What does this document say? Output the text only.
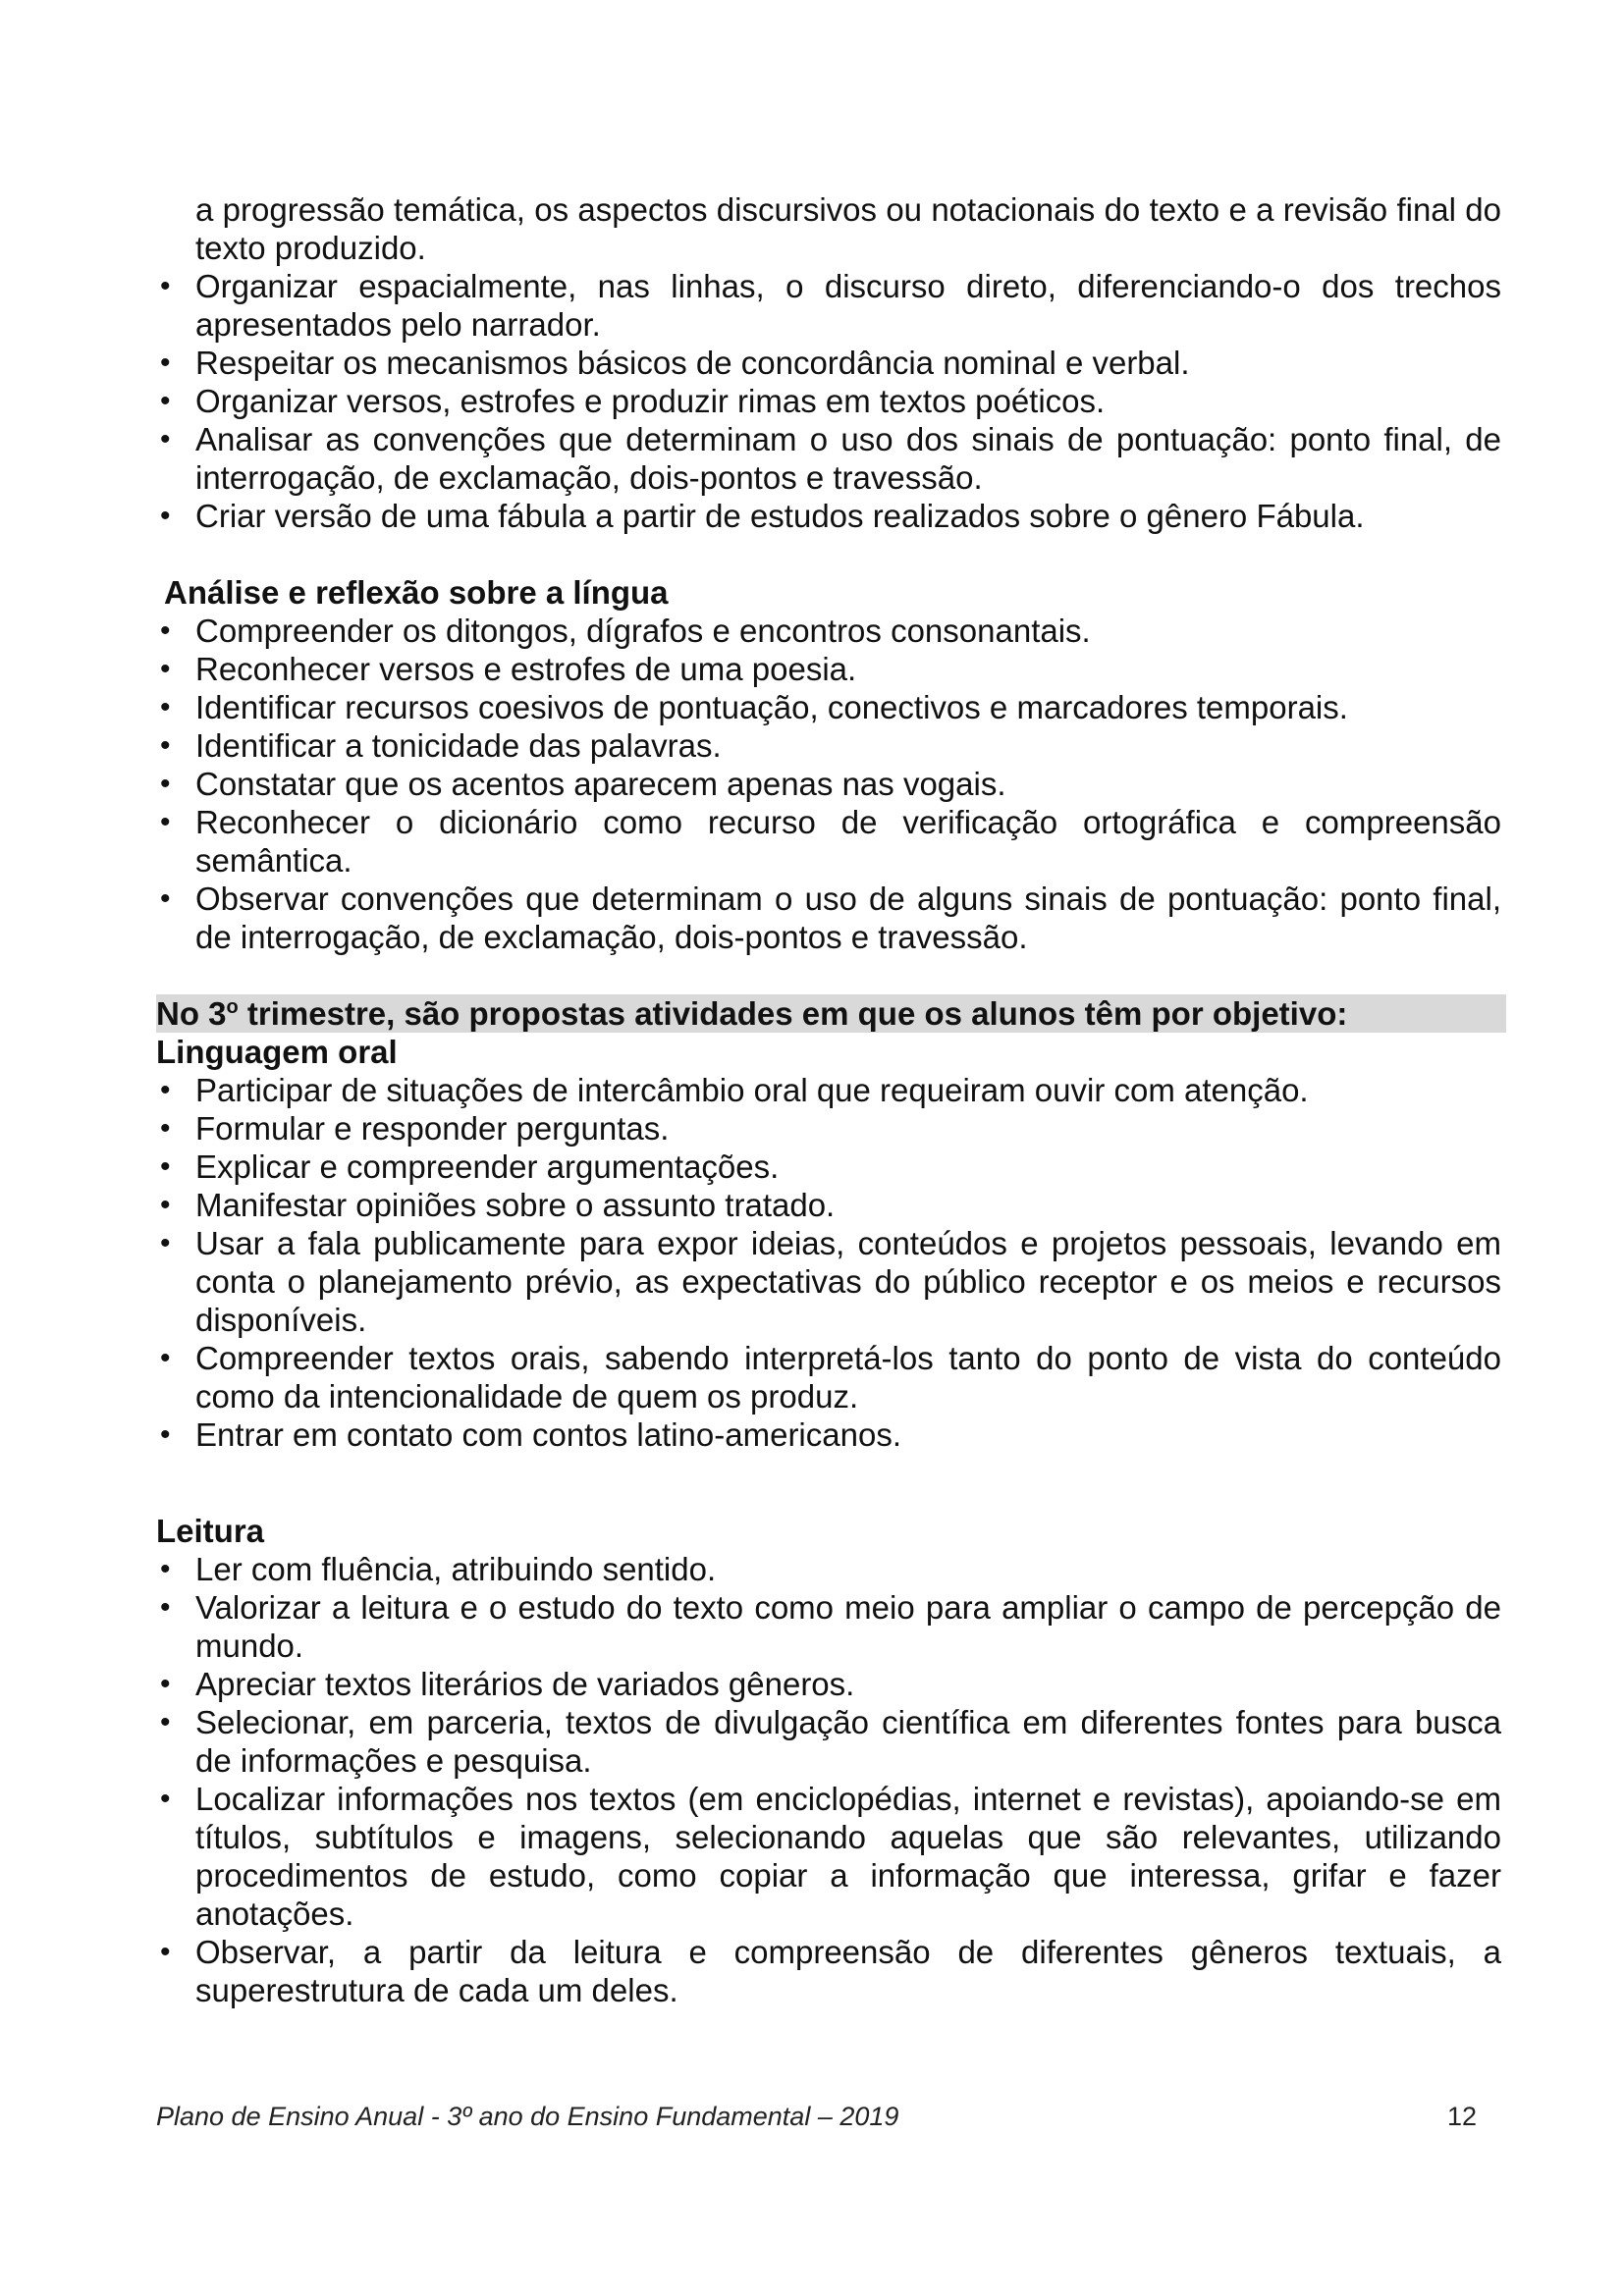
a progressão temática, os aspectos discursivos ou notacionais do texto e a revisão final do texto produzido.
• Organizar espacialmente, nas linhas, o discurso direto, diferenciando-o dos trechos apresentados pelo narrador.
• Respeitar os mecanismos básicos de concordância nominal e verbal.
• Organizar versos, estrofes e produzir rimas em textos poéticos.
• Analisar as convenções que determinam o uso dos sinais de pontuação: ponto final, de interrogação, de exclamação, dois-pontos e travessão.
• Criar versão de uma fábula a partir de estudos realizados sobre o gênero Fábula.
Análise e reflexão sobre a língua
• Compreender os ditongos, dígrafos e encontros consonantais.
• Reconhecer versos e estrofes de uma poesia.
• Identificar recursos coesivos de pontuação, conectivos e marcadores temporais.
• Identificar a tonicidade das palavras.
• Constatar que os acentos aparecem apenas nas vogais.
• Reconhecer o dicionário como recurso de verificação ortográfica e compreensão semântica.
• Observar convenções que determinam o uso de alguns sinais de pontuação: ponto final, de interrogação, de exclamação, dois-pontos e travessão.
No 3$^o$ trimestre, são propostas atividades em que os alunos têm por objetivo:
Linguagem oral
• Participar de situações de intercâmbio oral que requeiram ouvir com atenção.
• Formular e responder perguntas.
• Explicar e compreender argumentações.
• Manifestar opiniões sobre o assunto tratado.
• Usar a fala publicamente para expor ideias, conteúdos e projetos pessoais, levando em conta o planejamento prévio, as expectativas do público receptor e os meios e recursos disponíveis.
• Compreender textos orais, sabendo interpretá-los tanto do ponto de vista do conteúdo como da intencionalidade de quem os produz.
• Entrar em contato com contos latino-americanos.
Leitura
• Ler com fluência, atribuindo sentido.
• Valorizar a leitura e o estudo do texto como meio para ampliar o campo de percepção de mundo.
• Apreciar textos literários de variados gêneros.
• Selecionar, em parceria, textos de divulgação científica em diferentes fontes para busca de informações e pesquisa.
• Localizar informações nos textos (em enciclopédias, internet e revistas), apoiando-se em títulos, subtítulos e imagens, selecionando aquelas que são relevantes, utilizando procedimentos de estudo, como copiar a informação que interessa, grifar e fazer anotações.
• Observar, a partir da leitura e compreensão de diferentes gêneros textuais, a superestrutura de cada um deles.
Plano de Ensino Anual - 3º ano do Ensino Fundamental – 2019	12
